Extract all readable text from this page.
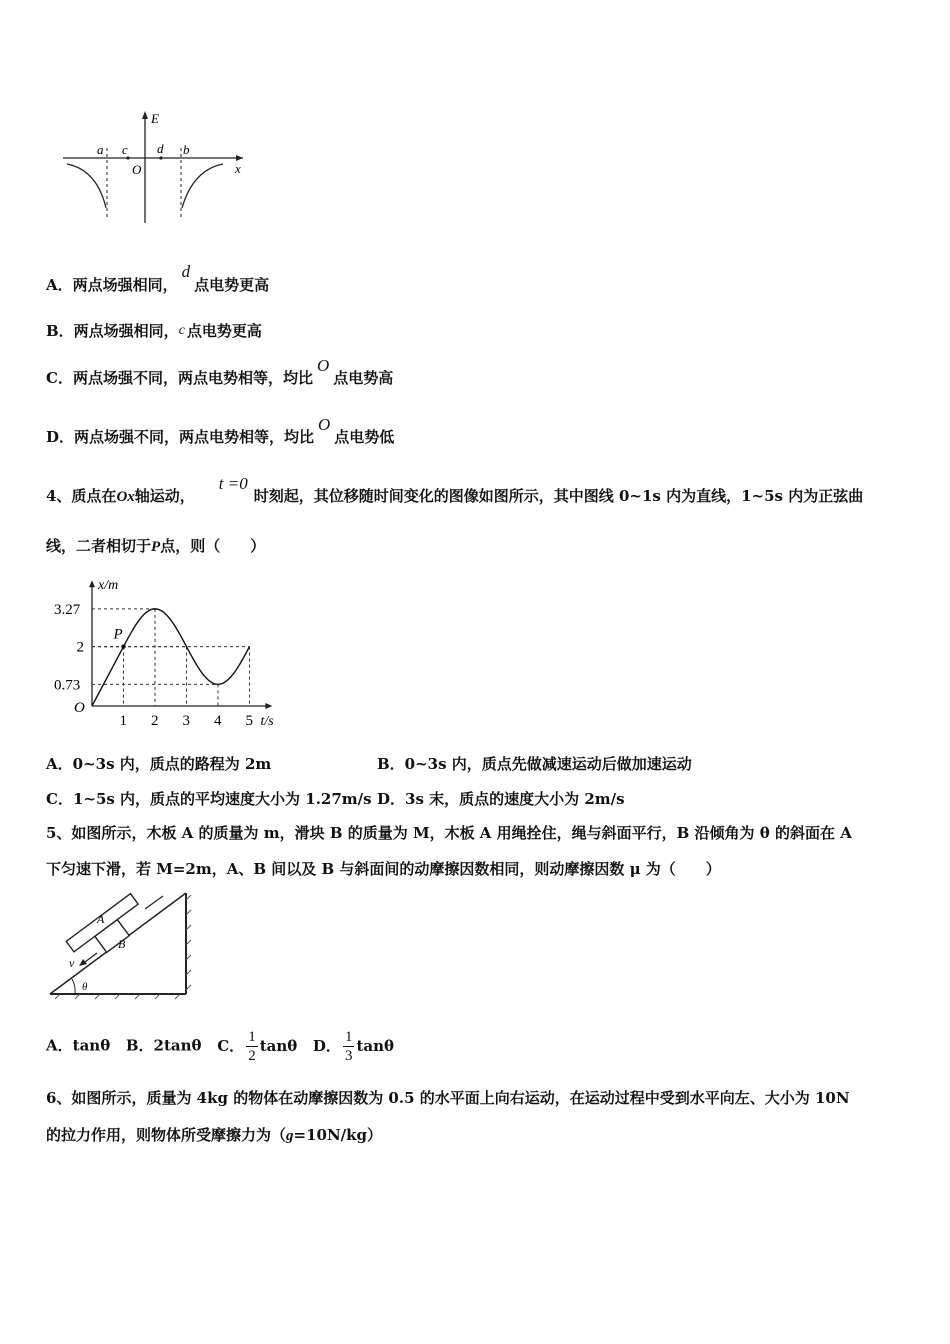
E
x
O
a c d b
A．两点场强相同，d点电势更高
B．两点场强相同，c 点电势更高
C．两点场强不同，两点电势相等，均比O点电势高
D．两点场强不同，两点电势相等，均比O点电势低
4、质点在Ox轴运动，t =0时刻起，其位移随时间变化的图像如图所示，其中图线 0~1s 内为直线，1~5s 内为正弦曲
线，二者相切于P点，则（　　）
x/m
t/s
O
1 2 3 4 5
3.27
2
0.73
P
A．0~3s 内，质点的路程为 2m	B．0~3s 内，质点先做减速运动后做加速运动
C．1~5s 内，质点的平均速度大小为 1.27m/s D．3s 末，质点的速度大小为 2m/s
5、如图所示，木板 A 的质量为 m，滑块 B 的质量为 M，木板 A 用绳拴住，绳与斜面平行，B 沿倾角为 θ 的斜面在 A
下匀速下滑，若 M=2m，A、B 间以及 B 与斜面间的动摩擦因数相同，则动摩擦因数 μ 为（　　）
A
B
v
θ
A．tanθ B．2tanθ C． $\frac{1}{2}$ tanθ D． $\frac{1}{3}$ tanθ
6、如图所示，质量为 4kg 的物体在动摩擦因数为 0.5 的水平面上向右运动，在运动过程中受到水平向左、大小为 10N
的拉力作用，则物体所受摩擦力为（g=10N/kg）
